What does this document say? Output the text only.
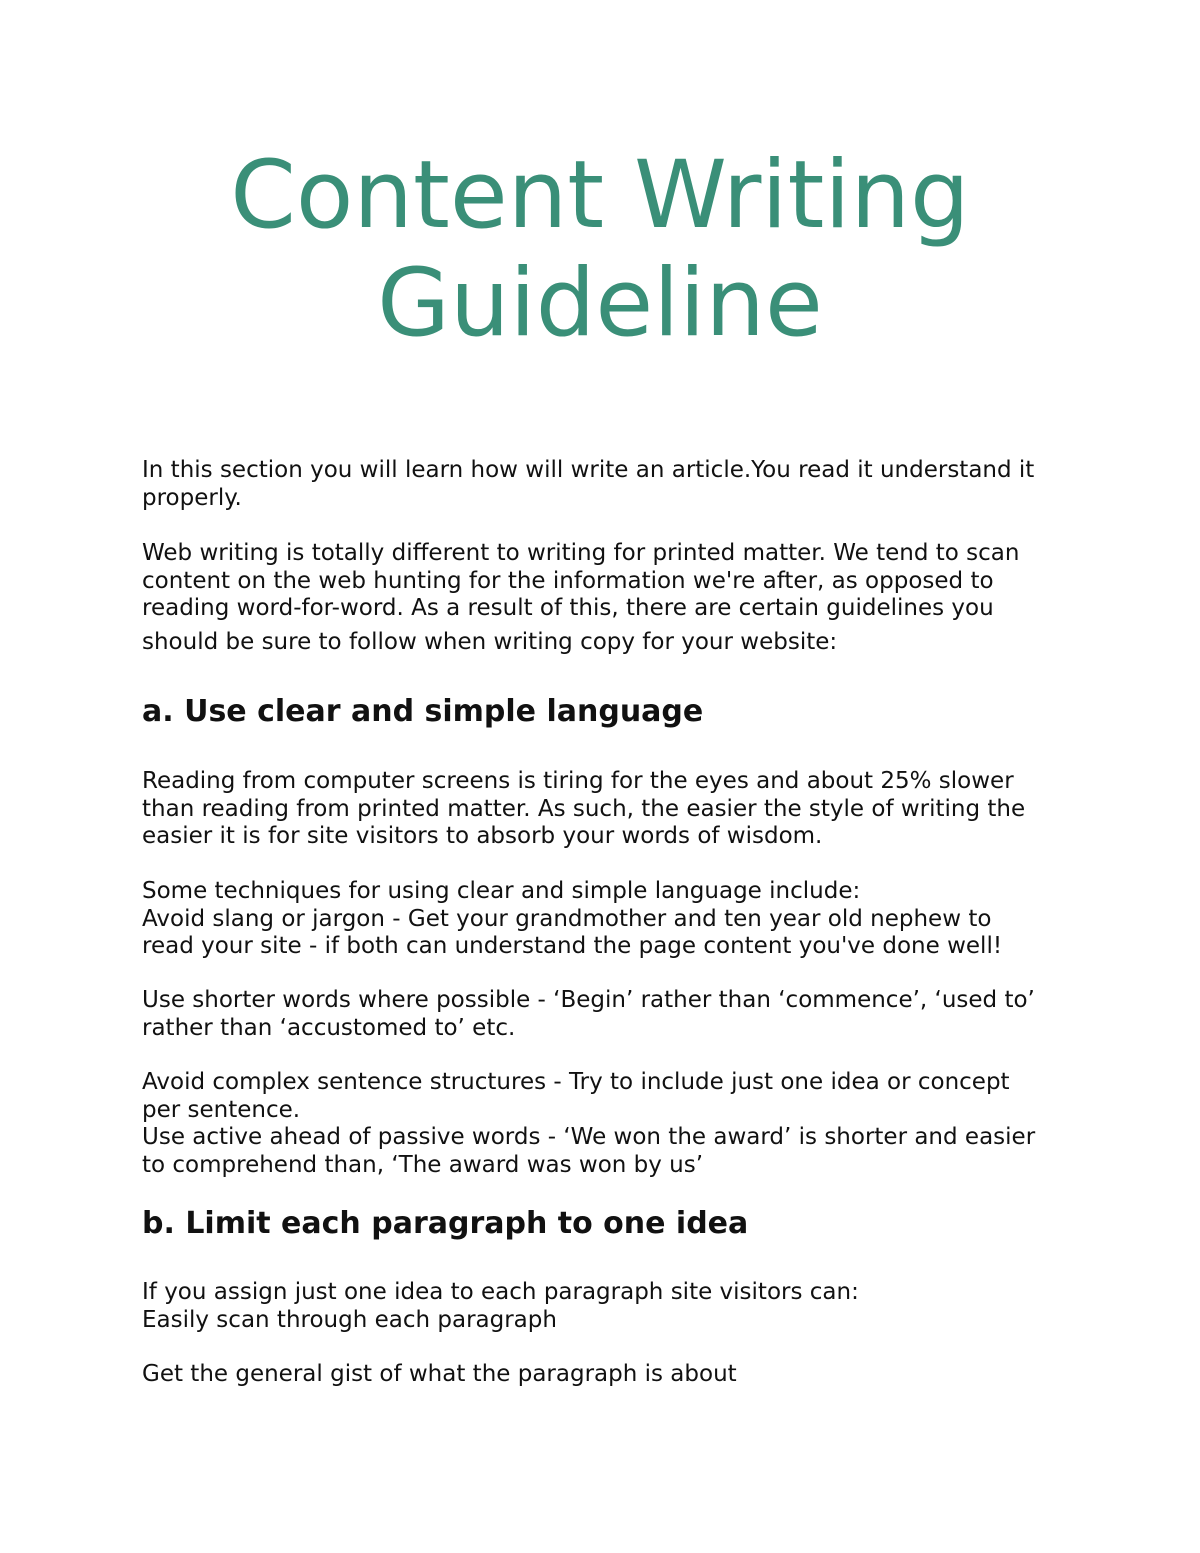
Content Writing
Guideline

In this section you will learn how will write an article.You read it understand it
properly.

Web writing is totally different to writing for printed matter. We tend to scan
content on the web hunting for the information we're after, as opposed to
reading word-for-word. As a result of this, there are certain guidelines you
should be sure to follow when writing copy for your website:

a. Use clear and simple language

Reading from computer screens is tiring for the eyes and about 25% slower
than reading from printed matter. As such, the easier the style of writing the
easier it is for site visitors to absorb your words of wisdom.

Some techniques for using clear and simple language include:
Avoid slang or jargon - Get your grandmother and ten year old nephew to
read your site - if both can understand the page content you've done well!

Use shorter words where possible - ‘Begin’ rather than ‘commence’, ‘used to’
rather than ‘accustomed to’ etc.

Avoid complex sentence structures - Try to include just one idea or concept
per sentence.
Use active ahead of passive words - ‘We won the award’ is shorter and easier
to comprehend than, ‘The award was won by us’

b. Limit each paragraph to one idea

If you assign just one idea to each paragraph site visitors can:
Easily scan through each paragraph

Get the general gist of what the paragraph is about
